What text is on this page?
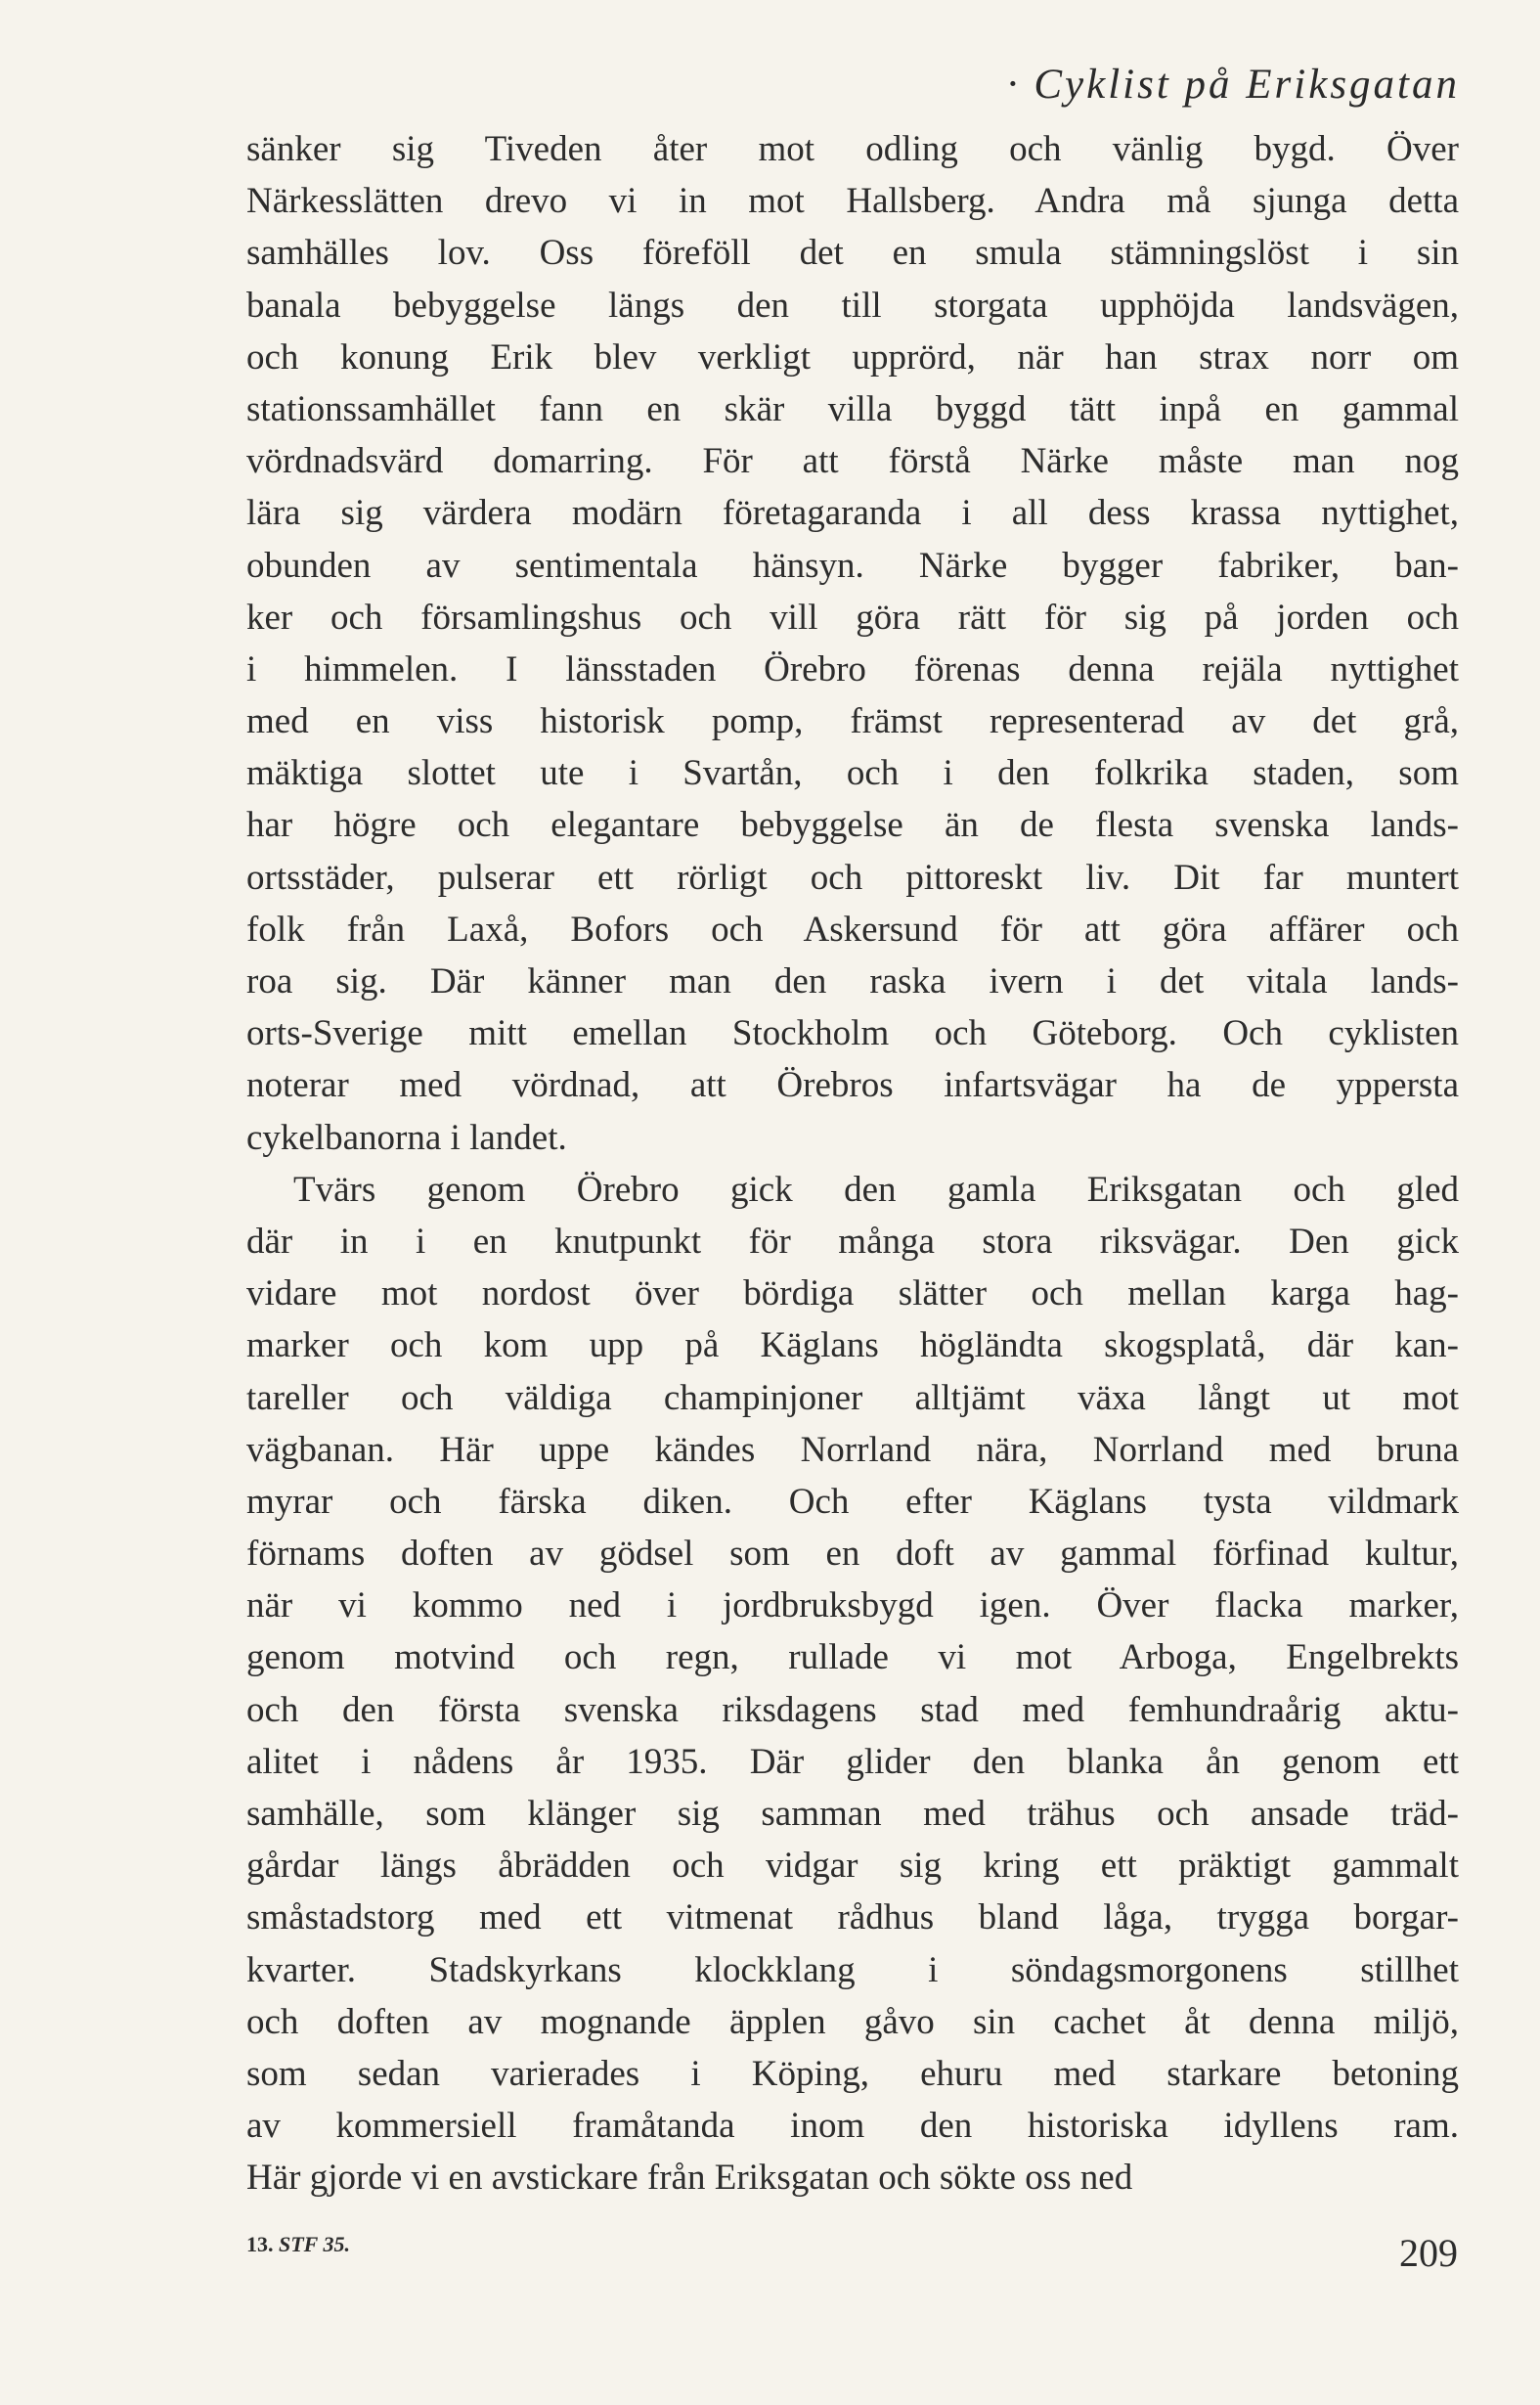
· Cyklist på Eriksgatan
sänker sig Tiveden åter mot odling och vänlig bygd. Över
Närkesslätten drevo vi in mot Hallsberg. Andra må sjunga detta
samhälles lov. Oss föreföll det en smula stämningslöst i sin
banala bebyggelse längs den till storgata upphöjda landsvägen,
och konung Erik blev verkligt upprörd, när han strax norr om
stationssamhället fann en skär villa byggd tätt inpå en gammal
vördnadsvärd domarring. För att förstå Närke måste man nog
lära sig värdera modärn företagaranda i all dess krassa nyttighet,
obunden av sentimentala hänsyn. Närke bygger fabriker, ban-
ker och församlingshus och vill göra rätt för sig på jorden och
i himmelen. I länsstaden Örebro förenas denna rejäla nyttighet
med en viss historisk pomp, främst representerad av det grå,
mäktiga slottet ute i Svartån, och i den folkrika staden, som
har högre och elegantare bebyggelse än de flesta svenska lands-
ortsstäder, pulserar ett rörligt och pittoreskt liv. Dit far muntert
folk från Laxå, Bofors och Askersund för att göra affärer och
roa sig. Där känner man den raska ivern i det vitala lands-
orts-Sverige mitt emellan Stockholm och Göteborg. Och cyklisten
noterar med vördnad, att Örebros infartsvägar ha de yppersta
cykelbanorna i landet.
Tvärs genom Örebro gick den gamla Eriksgatan och gled
där in i en knutpunkt för många stora riksvägar. Den gick
vidare mot nordost över bördiga slätter och mellan karga hag-
marker och kom upp på Käglans högländta skogsplatå, där kan-
tareller och väldiga champinjoner alltjämt växa långt ut mot
vägbanan. Här uppe kändes Norrland nära, Norrland med bruna
myrar och färska diken. Och efter Käglans tysta vildmark
förnams doften av gödsel som en doft av gammal förfinad kultur,
när vi kommo ned i jordbruksbygd igen. Över flacka marker,
genom motvind och regn, rullade vi mot Arboga, Engelbrekts
och den första svenska riksdagens stad med femhundraårig aktu-
alitet i nådens år 1935. Där glider den blanka ån genom ett
samhälle, som klänger sig samman med trähus och ansade träd-
gårdar längs åbrädden och vidgar sig kring ett präktigt gammalt
småstadstorg med ett vitmenat rådhus bland låga, trygga borgar-
kvarter. Stadskyrkans klockklang i söndagsmorgonens stillhet
och doften av mognande äpplen gåvo sin cachet åt denna miljö,
som sedan varierades i Köping, ehuru med starkare betoning
av kommersiell framåtanda inom den historiska idyllens ram.
Här gjorde vi en avstickare från Eriksgatan och sökte oss ned
13. STF 35.	209
